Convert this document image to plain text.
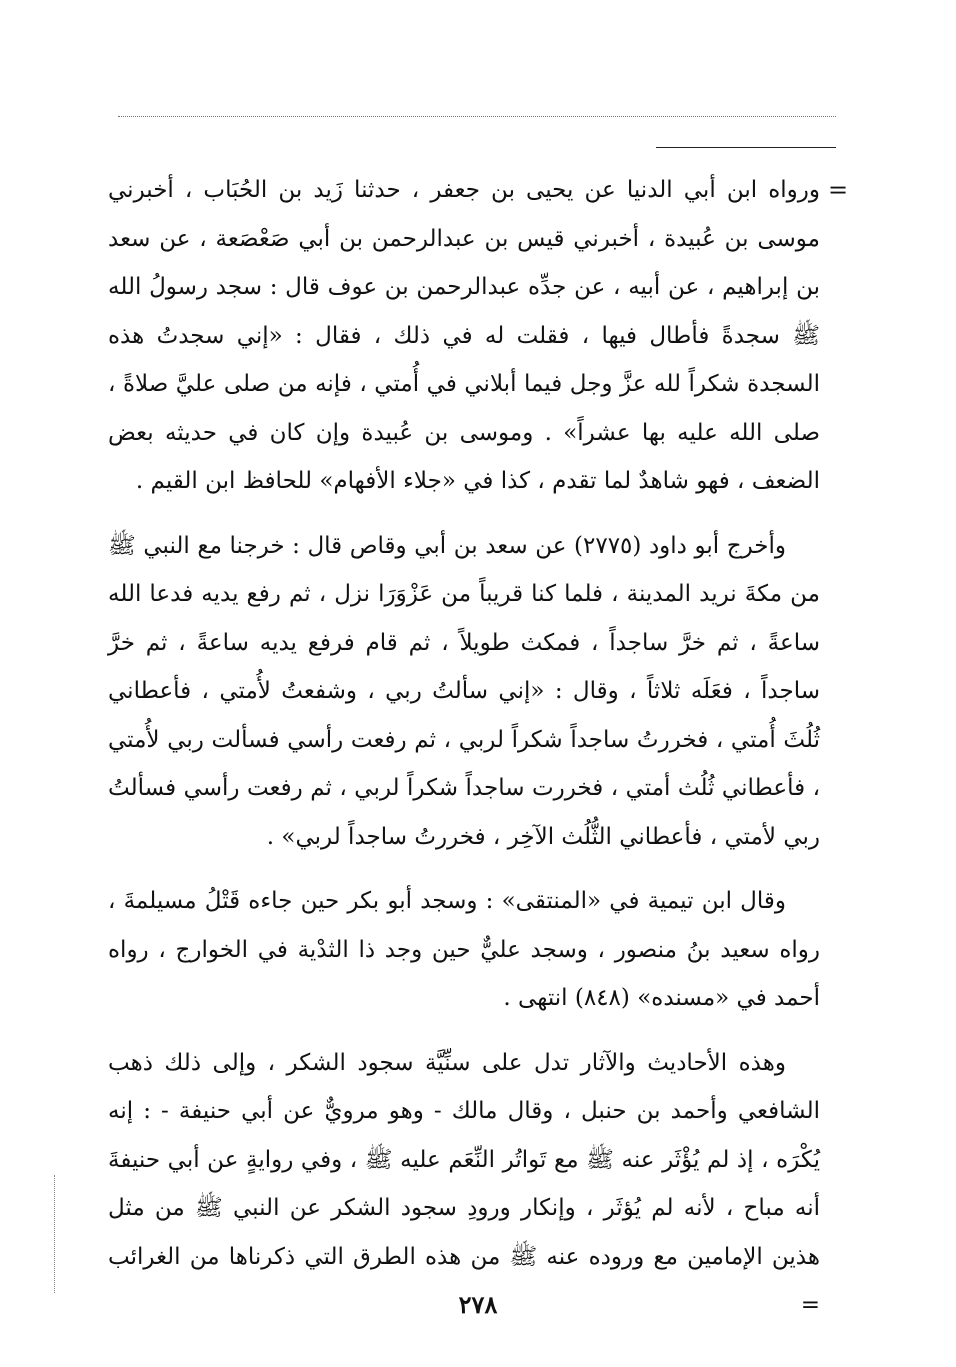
=

ورواه ابن أبي الدنيا عن يحيى بن جعفر ، حدثنا زَيد بن الحُبَاب ، أخبرني موسى بن عُبيدة ، أخبرني قيس بن عبدالرحمن بن أبي صَعْصَعة ، عن سعد بن إبراهيم ، عن أبيه ، عن جدِّه عبدالرحمن بن عوف قال : سجد رسولُ الله ﷺ سجدةً فأطال فيها ، فقلت له في ذلك ، فقال : «إني سجدتُ هذه السجدة شكراً لله عزَّ وجل فيما أبلاني في أُمتي ، فإنه من صلى عليَّ صلاةً ، صلى الله عليه بها عشراً» . وموسى بن عُبيدة وإن كان في حديثه بعض الضعف ، فهو شاهدٌ لما تقدم ، كذا في «جلاء الأفهام» للحافظ ابن القيم .

وأخرج أبو داود (٢٧٧٥) عن سعد بن أبي وقاص قال : خرجنا مع النبي ﷺ من مكةَ نريد المدينة ، فلما كنا قريباً من عَزْوَرَا نزل ، ثم رفع يديه فدعا الله ساعةً ، ثم خرَّ ساجداً ، فمكث طويلاً ، ثم قام فرفع يديه ساعةً ، ثم خرَّ ساجداً ، فعَلَه ثلاثاً ، وقال : «إني سألتُ ربي ، وشفعتُ لأُمتي ، فأعطاني ثُلُثَ أُمتي ، فخررتُ ساجداً شكراً لربي ، ثم رفعت رأسي فسألت ربي لأُمتي ، فأعطاني ثُلُث أمتي ، فخررت ساجداً شكراً لربي ، ثم رفعت رأسي فسألتُ ربي لأمتي ، فأعطاني الثُّلُث الآخِر ، فخررتُ ساجداً لربي» .

وقال ابن تيمية في «المنتقى» : وسجد أبو بكر حين جاءه قَتْلُ مسيلمةَ ، رواه سعيد بنُ منصور ، وسجد عليٌّ حين وجد ذا الثدْية في الخوارج ، رواه أحمد في «مسنده» (٨٤٨) انتهى .

وهذه الأحاديث والآثار تدل على سنِّيَّة سجود الشكر ، وإلى ذلك ذهب الشافعي وأحمد بن حنبل ، وقال مالك - وهو مرويٌّ عن أبي حنيفة - : إنه يُكْرَه ، إذ لم يُؤْثَر عنه ﷺ مع تَواتُر النِّعَم عليه ﷺ ، وفي روايةٍ عن أبي حنيفةَ أنه مباح ، لأنه لم يُؤثَر ، وإنكار ورودِ سجود الشكر عن النبي ﷺ من مثل هذين الإمامين مع وروده عنه ﷺ من هذه الطرق التي ذكرناها من الغرائب =

٢٧٨
